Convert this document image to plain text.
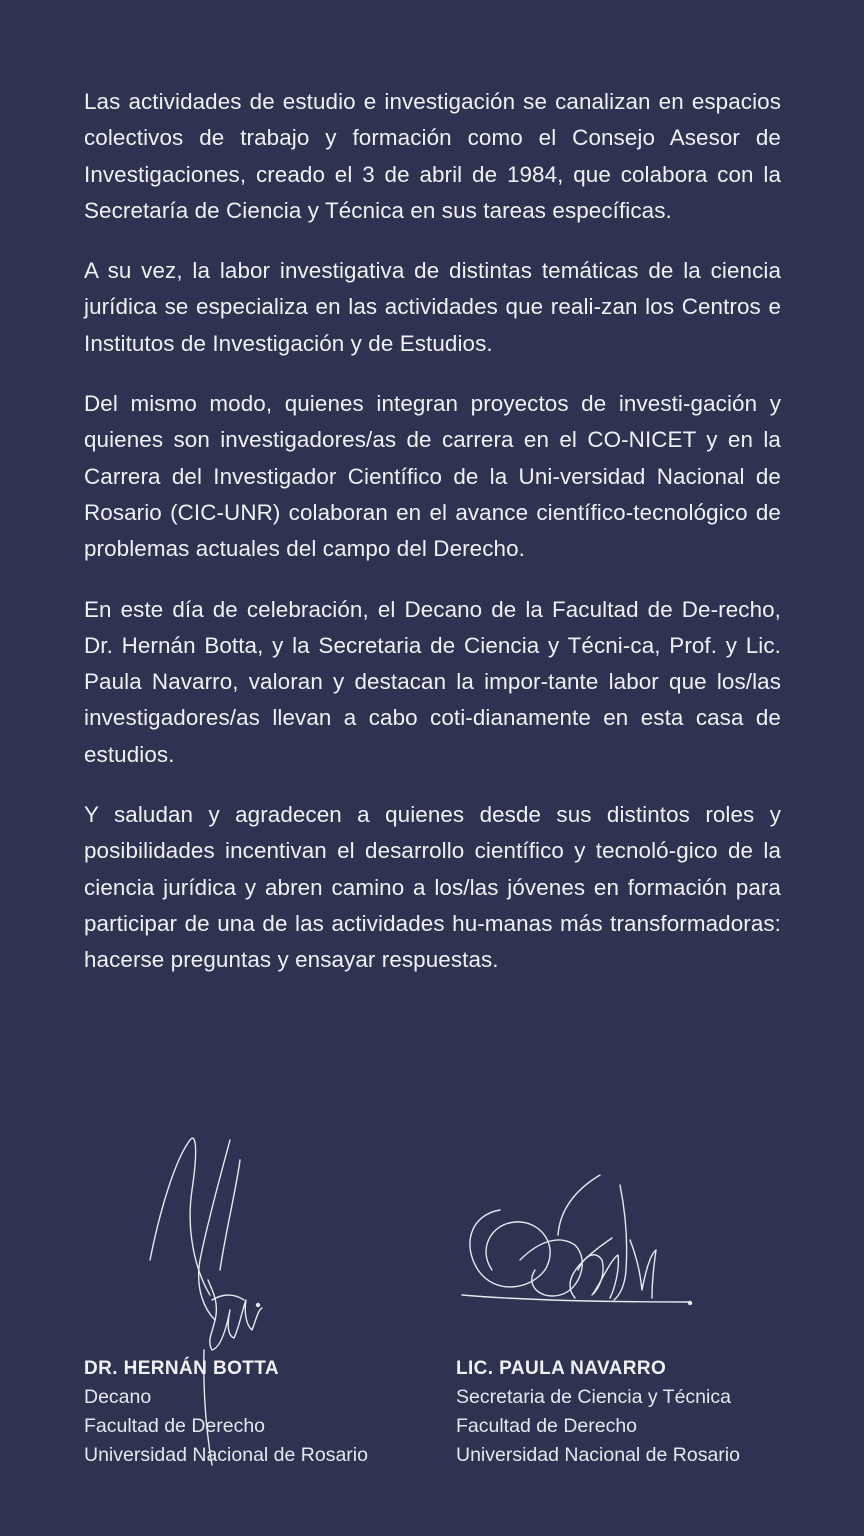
Las actividades de estudio e investigación se canalizan en espacios colectivos de trabajo y formación como el Consejo Asesor de Investigaciones, creado el 3 de abril de 1984, que colabora con la Secretaría de Ciencia y Técnica en sus tareas específicas.

A su vez, la labor investigativa de distintas temáticas de la ciencia jurídica se especializa en las actividades que reali-zan los Centros e Institutos de Investigación y de Estudios.

Del mismo modo, quienes integran proyectos de investi-gación y quienes son investigadores/as de carrera en el CO-NICET y en la Carrera del Investigador Científico de la Uni-versidad Nacional de Rosario (CIC-UNR) colaboran en el avance científico-tecnológico de problemas actuales del campo del Derecho.

En este día de celebración, el Decano de la Facultad de De-recho, Dr. Hernán Botta, y la Secretaria de Ciencia y Técni-ca, Prof. y Lic. Paula Navarro, valoran y destacan la impor-tante labor que los/las investigadores/as llevan a cabo coti-dianamente en esta casa de estudios.

Y saludan y agradecen a quienes desde sus distintos roles y posibilidades incentivan el desarrollo científico y tecnoló-gico de la ciencia jurídica y abren camino a los/las jóvenes en formación para participar de una de las actividades hu-manas más transformadoras: hacerse preguntas y ensayar respuestas.

DR. HERNÁN BOTTA
Decano
Facultad de Derecho
Universidad Nacional de Rosario
LIC. PAULA NAVARRO
Secretaria de Ciencia y Técnica
Facultad de Derecho
Universidad Nacional de Rosario
